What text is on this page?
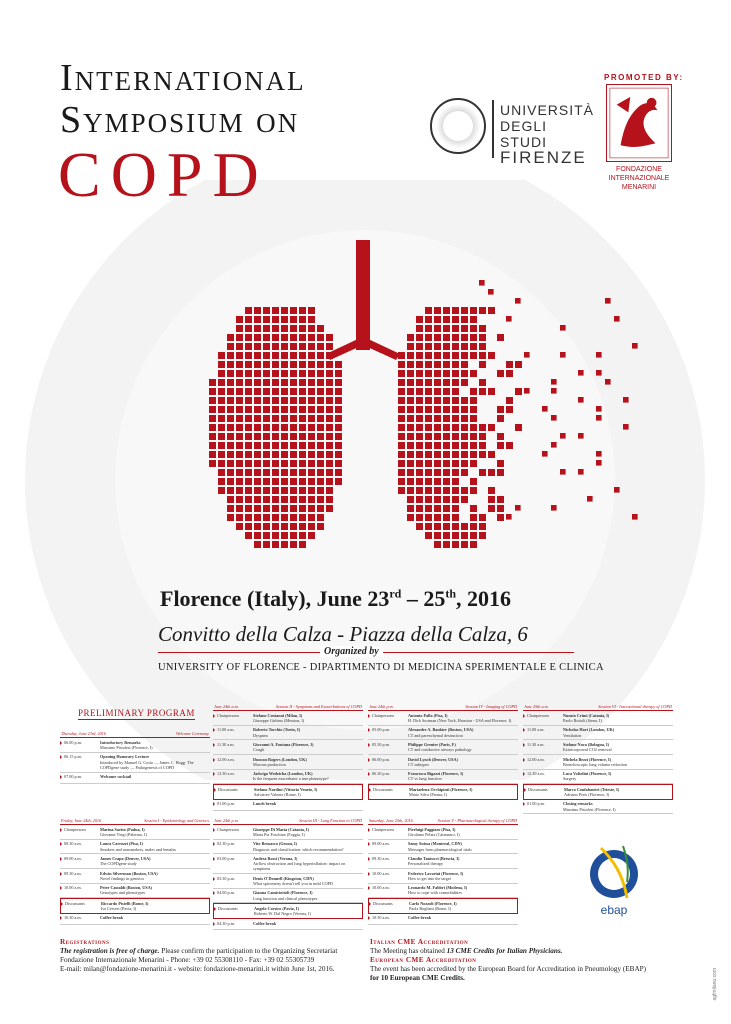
International
Symposium on
COPD
UNIVERSITÀ
DEGLI STUDI
FIRENZE
PROMOTED BY:
FONDAZIONE
INTERNAZIONALE
MENARINI
Florence (Italy), June 23rd – 25th, 2016
Convitto della Calza - Piazza della Calza, 6
Organized by
UNIVERSITY OF FLORENCE - DIPARTIMENTO DI MEDICINA SPERIMENTALE E CLINICA
PRELIMINARY PROGRAM
Thursday, June 23rd, 2016	Welcome Ceremony
06.00 p.m.	Introductory Remarks
Massimo Pistolesi (Florence, I)
06.15 p.m.	Opening Honorary Lecture
Introduced by Manuel G. Cosio — James C. Hogg: The COPDgene study — Pathogenesis of COPD
07.00 p.m.	Welcome cocktail
Friday, June 24th, 2016	Session I - Epidemiology and Genetics
Chairpersons	Marina Saetta (Padua, I)
Giovanni Viegi (Palermo, I)
08.30 a.m.	Laura Carrozzi (Pisa, I)
Smokers and nonsmokers, males and females
09.00 a.m.	James Crapo (Denver, USA)
The COPDgene study
09.30 a.m.	Edwin Silverman (Boston, USA)
Novel findings in genetics
10.00 a.m.	Peter Castaldi (Boston, USA)
Genotypes and phenotypes
Discussants	Riccardo Pistelli (Rome, I)
Isa Cerveri (Pavia, I)
10.30 a.m.	Coffee break
June 24th a.m.	Session II - Symptoms and Exacerbations of COPD
Chairpersons	Stefano Centanni (Milan, I)
Giuseppe Girbino (Messina, I)
11.00 a.m.	Roberto Torchio (Turin, I)
Dyspnea
11.30 a.m.	Giovanni A. Fontana (Florence, I)
Cough
12.00 a.m.	Duncan Rogers (London, UK)
Mucous production
12.30 a.m.	Jadwiga Wedzicha (London, UK)
Is the frequent exacerbator a true phenotype?
Discussants	Stefano Nardini (Vittorio Veneto, I)
Salvatore Valente (Rome, I)
01.00 p.m.	Lunch break
June 24th p.m.	Session III - Lung Function in COPD
Chairpersons	Giuseppe Di Maria (Catania, I)
Maria Pia Foschino (Foggia, I)
02.30 p.m.	Vito Brusasco (Genoa, I)
Diagnosis and classification: which recommendation?
03.00 p.m.	Andrea Rossi (Verona, I)
Airflow obstruction and lung hyperinflation: impact on symptoms
03.30 p.m.	Denis O'Donnell (Kingston, CDN)
What spirometry doesn't tell you in mild COPD
04.00 p.m.	Gianna Camiciottoli (Florence, I)
Lung function and clinical phenotypes
Discussants	Angelo Corsico (Pavia, I)
Roberto W. Dal Negro (Verona, I)
04.30 p.m.	Coffee break
June 24th p.m.	Session IV - Imaging of COPD
Chairpersons	Antonio Palla (Pisa, I)
H. Dirk Sostman (New York, Houston - USA and Florence, I)
05.00 p.m.	Alexander A. Bankier (Boston, USA)
CT and parenchymal destruction
05.30 p.m.	Philippe Grenier (Paris, F)
CT and conductive airways pathology
06.00 p.m.	David Lynch (Denver, USA)
CT subtypes
06.30 p.m.	Francesca Bigazzi (Florence, I)
CT vs lung function
Discussants	Mariaelena Occhipinti (Florence, I)
Mario Silva (Parma, I)
Saturday, June 25th, 2016	Session V - Pharmacological therapy of COPD
Chairpersons	Pierluigi Paggiaro (Pisa, I)
Girolamo Pelaia (Catanzaro, I)
09.00 a.m.	Samy Suissa (Montreal, CDN)
Messages from pharmacological trials
09.30 a.m.	Claudio Tantucci (Brescia, I)
Personalized therapy
10.00 a.m.	Federico Lavorini (Florence, I)
How to get into the target
10.00 a.m.	Leonardo M. Fabbri (Modena, I)
How to cope with comorbidities
Discussants	Carlo Nozzoli (Florence, I)
Paola Rogliani (Rome, I)
10.50 a.m.	Coffee break
June 25th a.m.	Session VI - International therapy of COPD
Chairpersons	Nunzio Crimi (Catania, I)
Paolo Rottoli (Siena, I)
11.00 a.m.	Nicholas Hart (London, UK)
Ventilation
11.30 a.m.	Stefano Nava (Bologna, I)
Extracorporeal CO2 removal
12.00 a.m.	Michela Bezzi (Florence, I)
Bronchoscopic lung volume reduction
12.30 a.m.	Luca Voltolini (Florence, I)
Surgery
Discussants	Marco Confalonieri (Trieste, I)
Adriano Peris (Florence, I)
01.00 p.m.	Closing remarks
Massimo Pistolesi (Florence, I)
ebap
Registrations
The registration is free of charge. Please confirm the participation to the Organizing Secretariat
Fondazione Internazionale Menarini - Phone: +39 02 55308110 - Fax: +39 02 55305739
E-mail: milan@fondazione-menarini.it - website: fondazione-menarini.it within June 1st, 2016.
Italian CME Accreditation
The Meeting has obtained 13 CME Credits for Italian Physicians.
European CME Accreditation
The event has been accredited by the European Board for Accreditation in Pneumology (EBAP)
for 10 European CME Credits.	agfmilano.com
